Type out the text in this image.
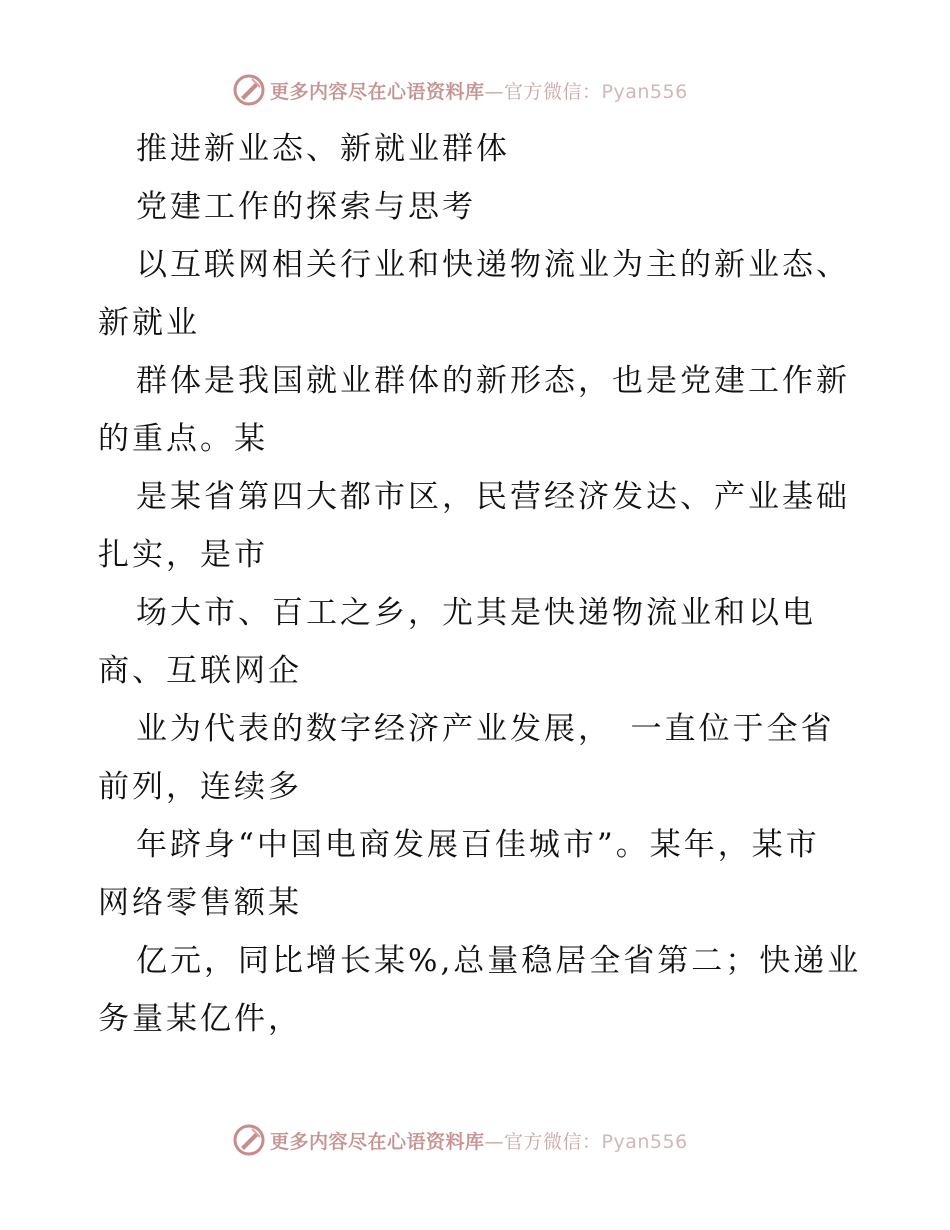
更多内容尽在心语资料库—官方微信：Pyan556
推进新业态、新就业群体
党建工作的探索与思考
以互联网相关行业和快递物流业为主的新业态、
新就业
群体是我国就业群体的新形态，也是党建工作新
的重点。某
是某省第四大都市区，民营经济发达、产业基础
扎实，是市
场大市、百工之乡，尤其是快递物流业和以电
商、互联网企
业为代表的数字经济产业发展，　一直位于全省
前列，连续多
年跻身“中国电商发展百佳城市”。某年，某市
网络零售额某
亿元，同比增长某%,总量稳居全省第二；快递业
务量某亿件，
更多内容尽在心语资料库—官方微信：Pyan556
